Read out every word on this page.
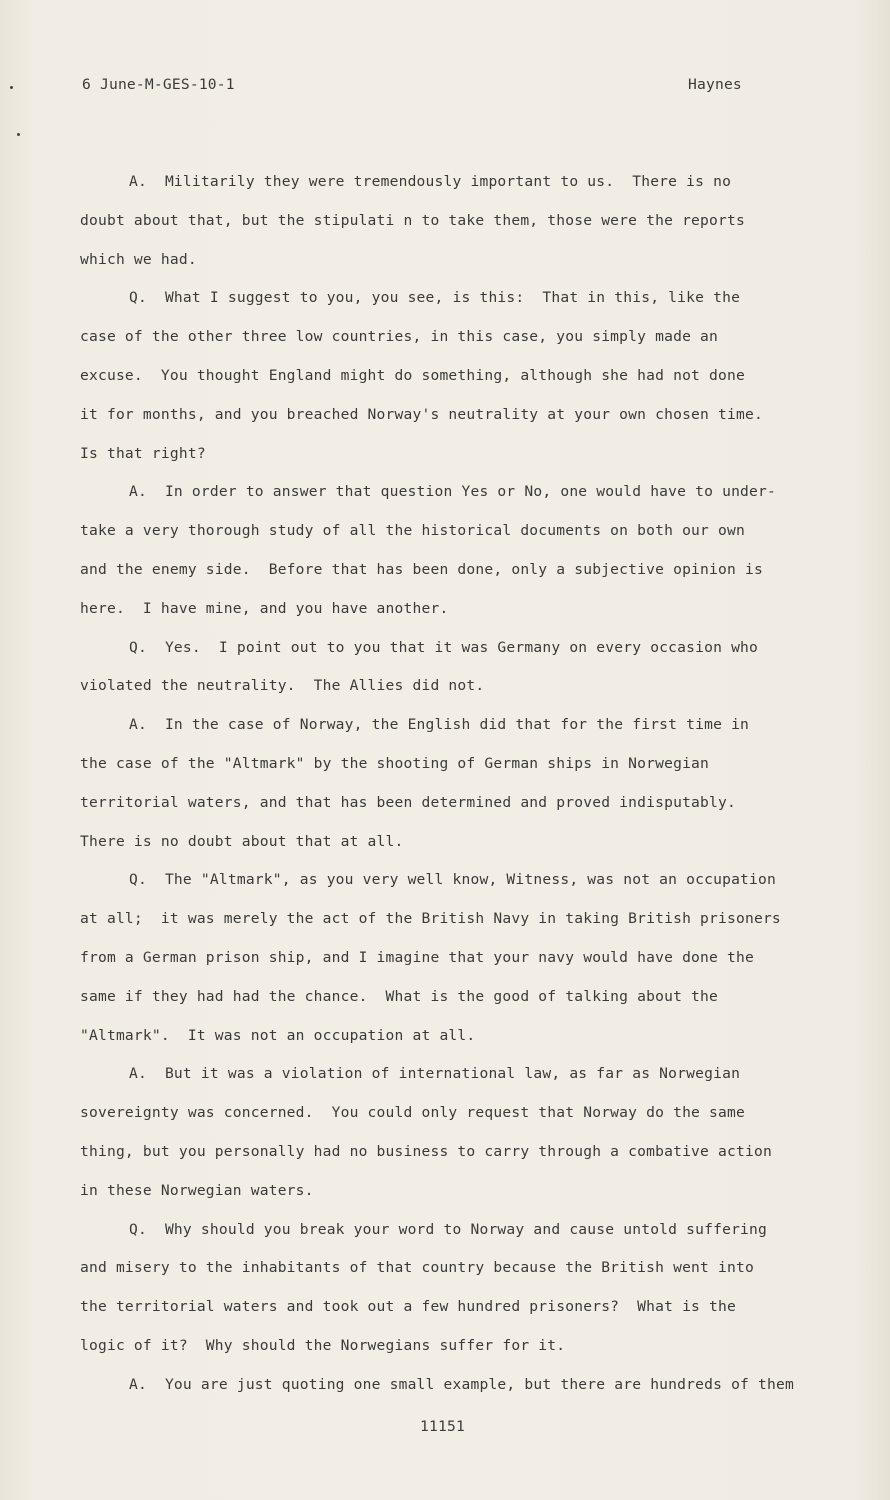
6 June-M-GES-10-1	Haynes
A.  Militarily they were tremendously important to us.  There is no
doubt about that, but the stipulati n to take them, those were the reports
which we had.
Q.  What I suggest to you, you see, is this:  That in this, like the
case of the other three low countries, in this case, you simply made an
excuse.  You thought England might do something, although she had not done
it for months, and you breached Norway's neutrality at your own chosen time.
Is that right?
A.  In order to answer that question Yes or No, one would have to under-
take a very thorough study of all the historical documents on both our own
and the enemy side.  Before that has been done, only a subjective opinion is
here.  I have mine, and you have another.
Q.  Yes.  I point out to you that it was Germany on every occasion who
violated the neutrality.  The Allies did not.
A.  In the case of Norway, the English did that for the first time in
the case of the "Altmark" by the shooting of German ships in Norwegian
territorial waters, and that has been determined and proved indisputably.
There is no doubt about that at all.
Q.  The "Altmark", as you very well know, Witness, was not an occupation
at all;  it was merely the act of the British Navy in taking British prisoners
from a German prison ship, and I imagine that your navy would have done the
same if they had had the chance.  What is the good of talking about the
"Altmark".  It was not an occupation at all.
A.  But it was a violation of international law, as far as Norwegian
sovereignty was concerned.  You could only request that Norway do the same
thing, but you personally had no business to carry through a combative action
in these Norwegian waters.
Q.  Why should you break your word to Norway and cause untold suffering
and misery to the inhabitants of that country because the British went into
the territorial waters and took out a few hundred prisoners?  What is the
logic of it?  Why should the Norwegians suffer for it.
A.  You are just quoting one small example, but there are hundreds of them
11151
